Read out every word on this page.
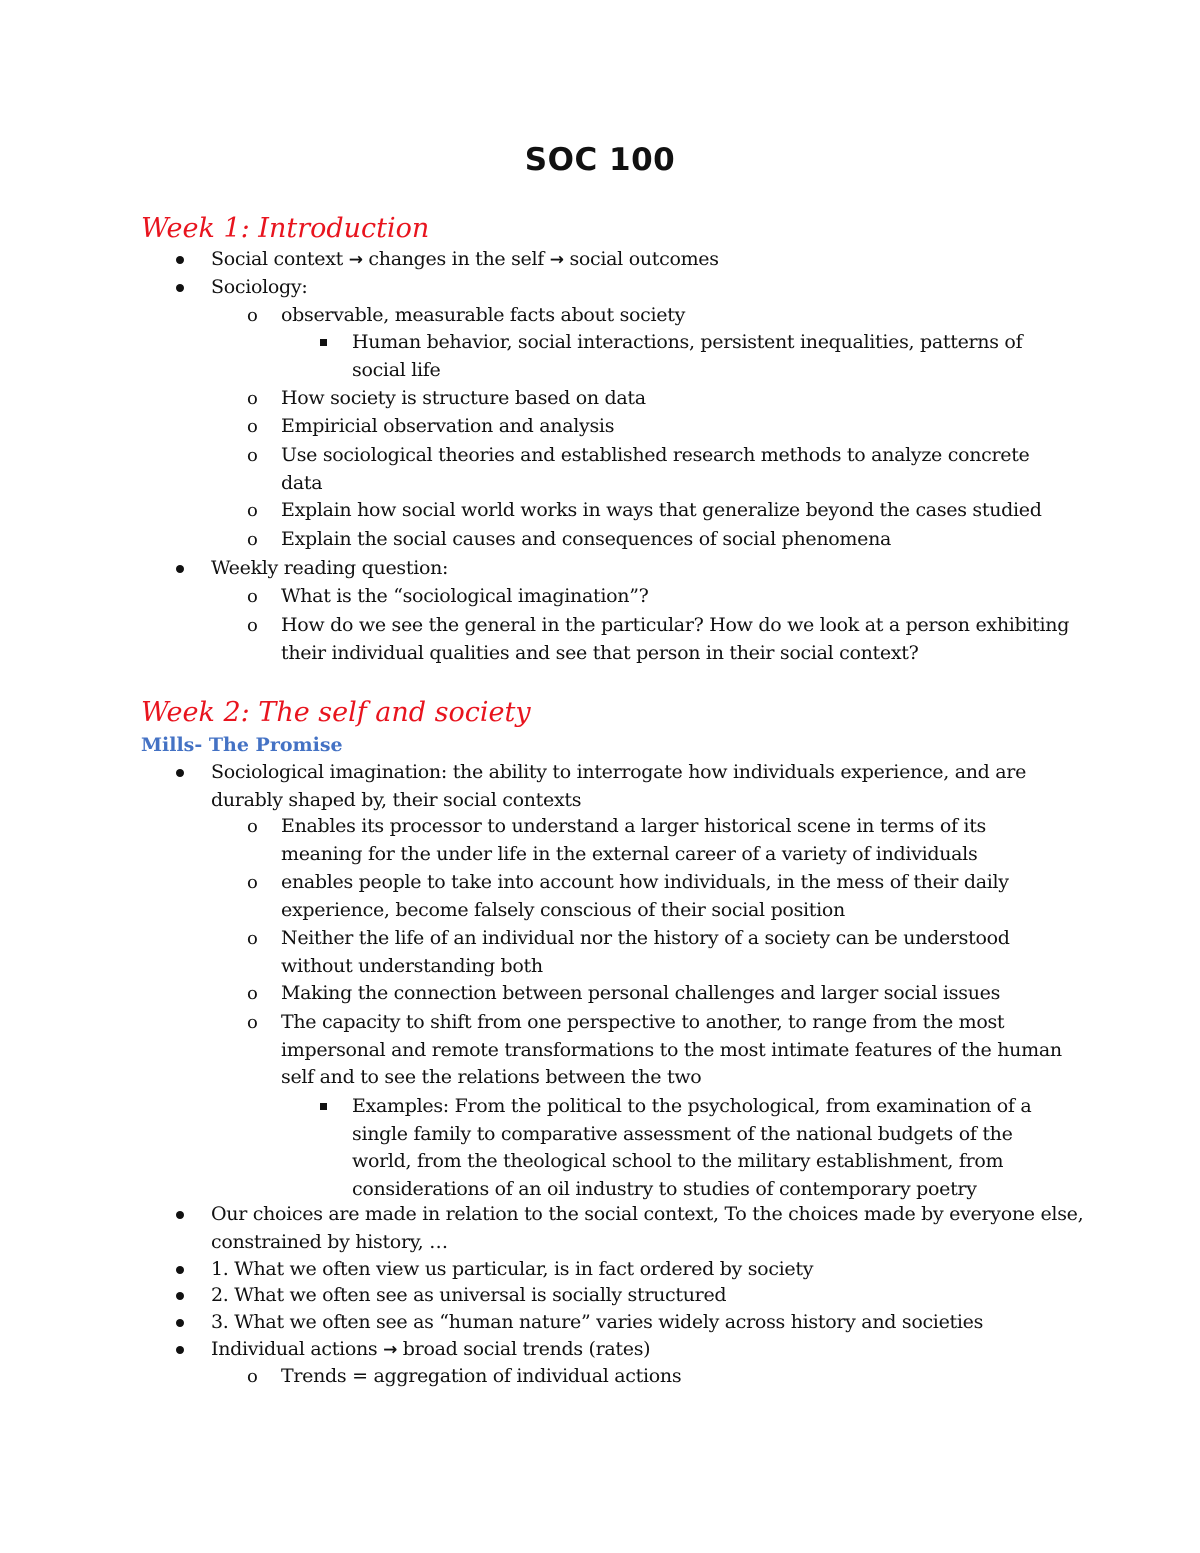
SOC 100
Week 1: Introduction
Social context → changes in the self → social outcomes
Sociology:
o observable, measurable facts about society
Human behavior, social interactions, persistent inequalities, patterns of social life
o How society is structure based on data
o Empiricial observation and analysis
o Use sociological theories and established research methods to analyze concrete data
o Explain how social world works in ways that generalize beyond the cases studied
o Explain the social causes and consequences of social phenomena
Weekly reading question:
o What is the “sociological imagination”?
o How do we see the general in the particular? How do we look at a person exhibiting their individual qualities and see that person in their social context?
Week 2: The self and society
Mills- The Promise
Sociological imagination: the ability to interrogate how individuals experience, and are durably shaped by, their social contexts
o Enables its processor to understand a larger historical scene in terms of its meaning for the under life in the external career of a variety of individuals
o enables people to take into account how individuals, in the mess of their daily experience, become falsely conscious of their social position
o Neither the life of an individual nor the history of a society can be understood without understanding both
o Making the connection between personal challenges and larger social issues
o The capacity to shift from one perspective to another, to range from the most impersonal and remote transformations to the most intimate features of the human self and to see the relations between the two
Examples: From the political to the psychological, from examination of a single family to comparative assessment of the national budgets of the world, from the theological school to the military establishment, from considerations of an oil industry to studies of contemporary poetry
Our choices are made in relation to the social context, To the choices made by everyone else, constrained by history, …
1. What we often view us particular, is in fact ordered by society
2. What we often see as universal is socially structured
3. What we often see as “human nature” varies widely across history and societies
Individual actions → broad social trends (rates)
o Trends = aggregation of individual actions
